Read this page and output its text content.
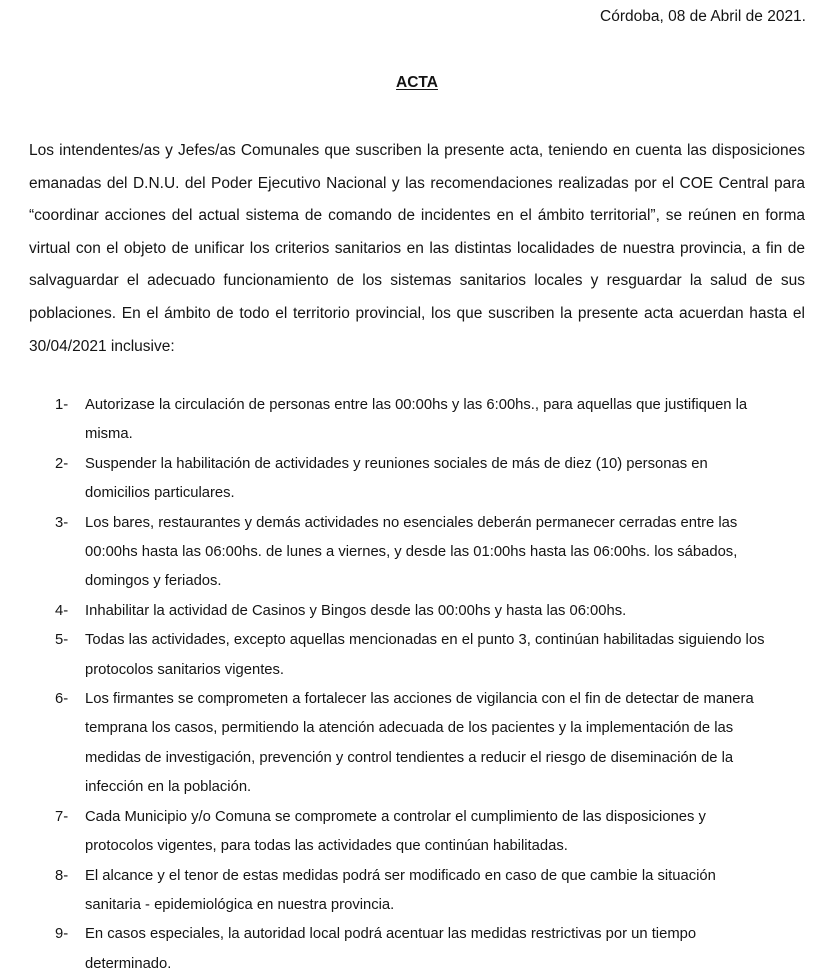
Córdoba, 08 de Abril de 2021.
ACTA

Los intendentes/as y Jefes/as Comunales que suscriben la presente acta, teniendo en cuenta las disposiciones emanadas del D.N.U. del Poder Ejecutivo Nacional y las recomendaciones realizadas por el COE Central para “coordinar acciones del actual sistema de comando de incidentes en el ámbito territorial”, se reúnen en forma virtual con el objeto de unificar los criterios sanitarios en las distintas localidades de nuestra provincia, a fin de salvaguardar el adecuado funcionamiento de los sistemas sanitarios locales y resguardar la salud de sus poblaciones. En el ámbito de todo el territorio provincial, los que suscriben la presente acta acuerdan hasta el 30/04/2021 inclusive:

1- Autorizase la circulación de personas entre las 00:00hs y las 6:00hs., para aquellas que justifiquen la misma.
2- Suspender la habilitación de actividades y reuniones sociales de más de diez (10) personas en domicilios particulares.
3- Los bares, restaurantes y demás actividades no esenciales deberán permanecer cerradas entre las 00:00hs hasta las 06:00hs. de lunes a viernes, y desde las 01:00hs hasta las 06:00hs. los sábados, domingos y feriados.
4- Inhabilitar la actividad de Casinos y Bingos desde las 00:00hs y hasta las 06:00hs.
5- Todas las actividades, excepto aquellas mencionadas en el punto 3, continúan habilitadas siguiendo los protocolos sanitarios vigentes.
6- Los firmantes se comprometen a fortalecer las acciones de vigilancia con el fin de detectar de manera temprana los casos, permitiendo la atención adecuada de los pacientes y la implementación de las medidas de investigación, prevención y control tendientes a reducir el riesgo de diseminación de la infección en la población.
7- Cada Municipio y/o Comuna se compromete a controlar el cumplimiento de las disposiciones y protocolos vigentes, para todas las actividades que continúan habilitadas.
8- El alcance y el tenor de estas medidas podrá ser modificado en caso de que cambie la situación sanitaria - epidemiológica en nuestra provincia.
9- En casos especiales, la autoridad local podrá acentuar las medidas restrictivas por un tiempo determinado.
